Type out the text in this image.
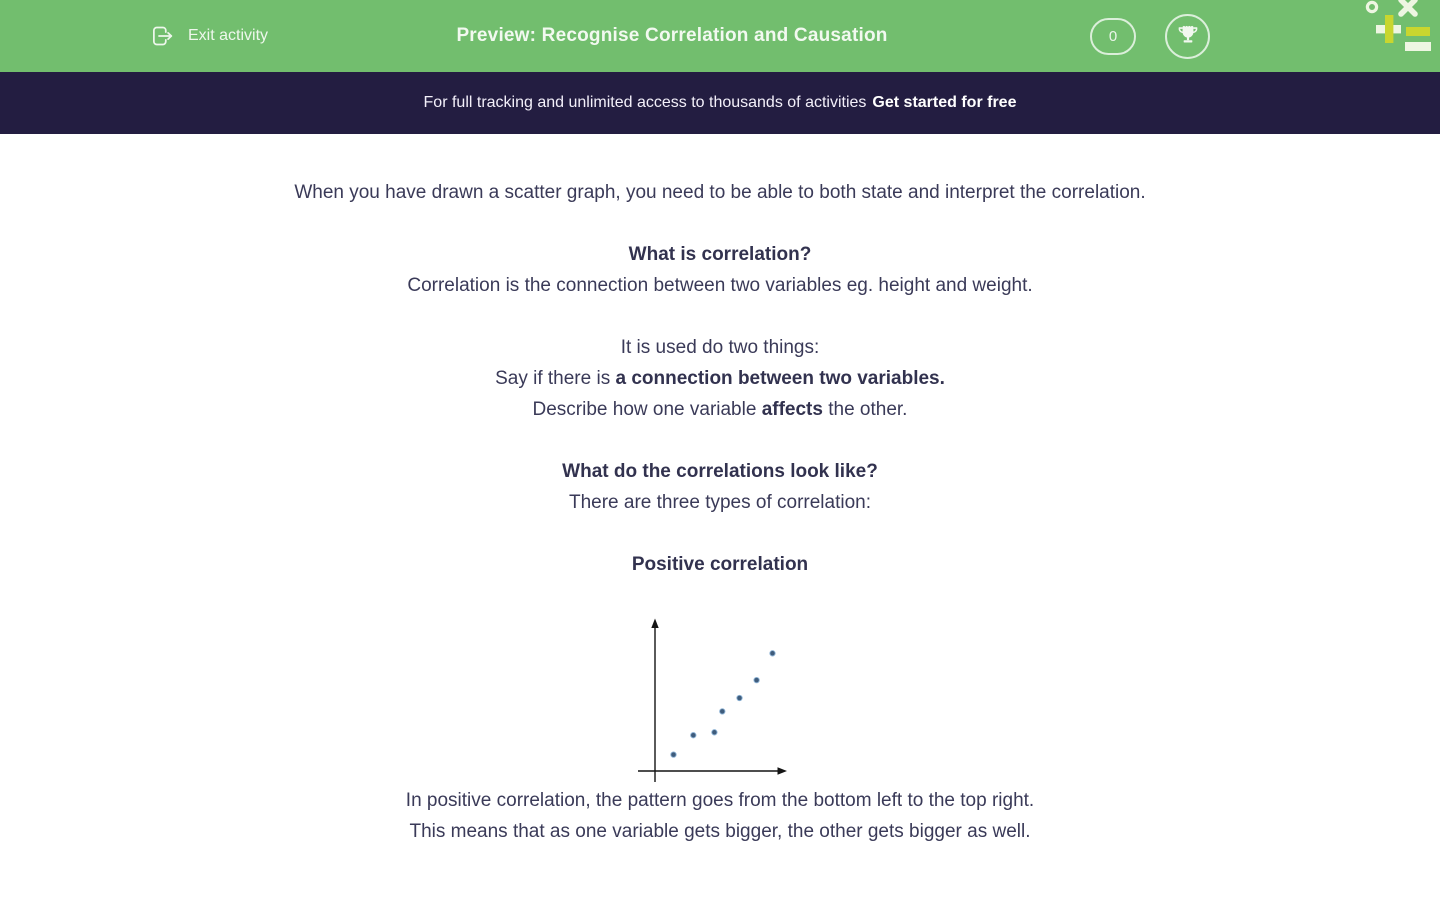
Exit activity	Preview: Recognise Correlation and Causation	0
For full tracking and unlimited access to thousands of activities Get started for free

When you have drawn a scatter graph, you need to be able to both state and interpret the correlation.

What is correlation?

Correlation is the connection between two variables eg. height and weight.

It is used do two things:

Say if there is a connection between two variables.

Describe how one variable affects the other.

What do the correlations look like?

There are three types of correlation:

Positive correlation

In positive correlation, the pattern goes from the bottom left to the top right.

This means that as one variable gets bigger, the other gets bigger as well.
